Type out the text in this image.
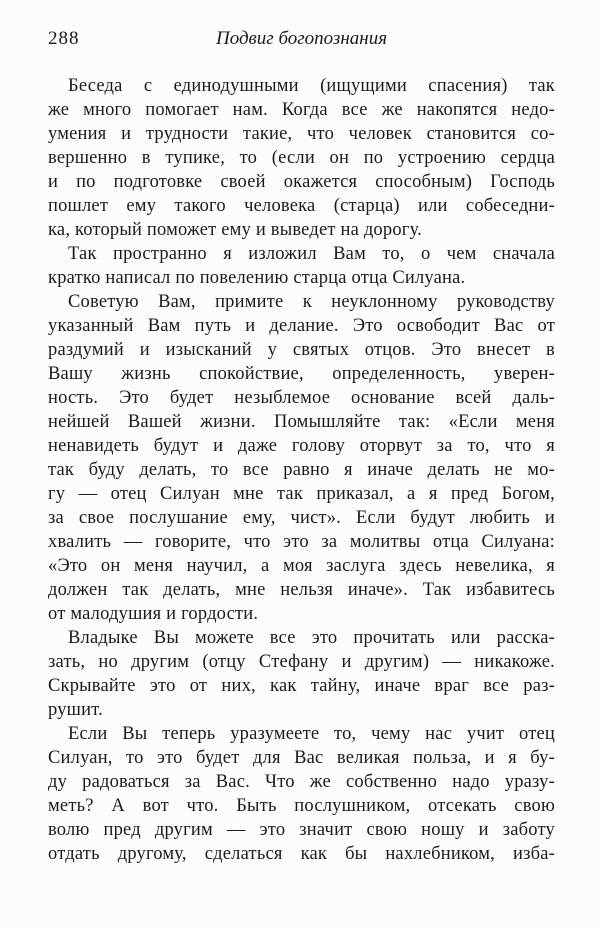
288	Подвиг богопознания
Беседа с единодушными (ищущими спасения) так
же много помогает нам. Когда все же накопятся недо-
умения и трудности такие, что человек становится со-
вершенно в тупике, то (если он по устроению сердца
и по подготовке своей окажется способным) Господь
пошлет ему такого человека (старца) или собеседни-
ка, который поможет ему и выведет на дорогу.
Так пространно я изложил Вам то, о чем сначала
кратко написал по повелению старца отца Силуана.
Советую Вам, примите к неуклонному руководству
указанный Вам путь и делание. Это освободит Вас от
раздумий и изысканий у святых отцов. Это внесет в
Вашу жизнь спокойствие, определенность, уверен-
ность. Это будет незыблемое основание всей даль-
нейшей Вашей жизни. Помышляйте так: «Если меня
ненавидеть будут и даже голову оторвут за то, что я
так буду делать, то все равно я иначе делать не мо-
гу — отец Силуан мне так приказал, а я пред Богом,
за свое послушание ему, чист». Если будут любить и
хвалить — говорите, что это за молитвы отца Силуана:
«Это он меня научил, а моя заслуга здесь невелика, я
должен так делать, мне нельзя иначе». Так избавитесь
от малодушия и гордости.
Владыке Вы можете все это прочитать или расска-
зать, но другим (отцу Стефану и другим) — никакоже.
Скрывайте это от них, как тайну, иначе враг все раз-
рушит.
Если Вы теперь уразумеете то, чему нас учит отец
Силуан, то это будет для Вас великая польза, и я бу-
ду радоваться за Вас. Что же собственно надо уразу-
меть? А вот что. Быть послушником, отсекать свою
волю пред другим — это значит свою ношу и заботу
отдать другому, сделаться как бы нахлебником, изба-
